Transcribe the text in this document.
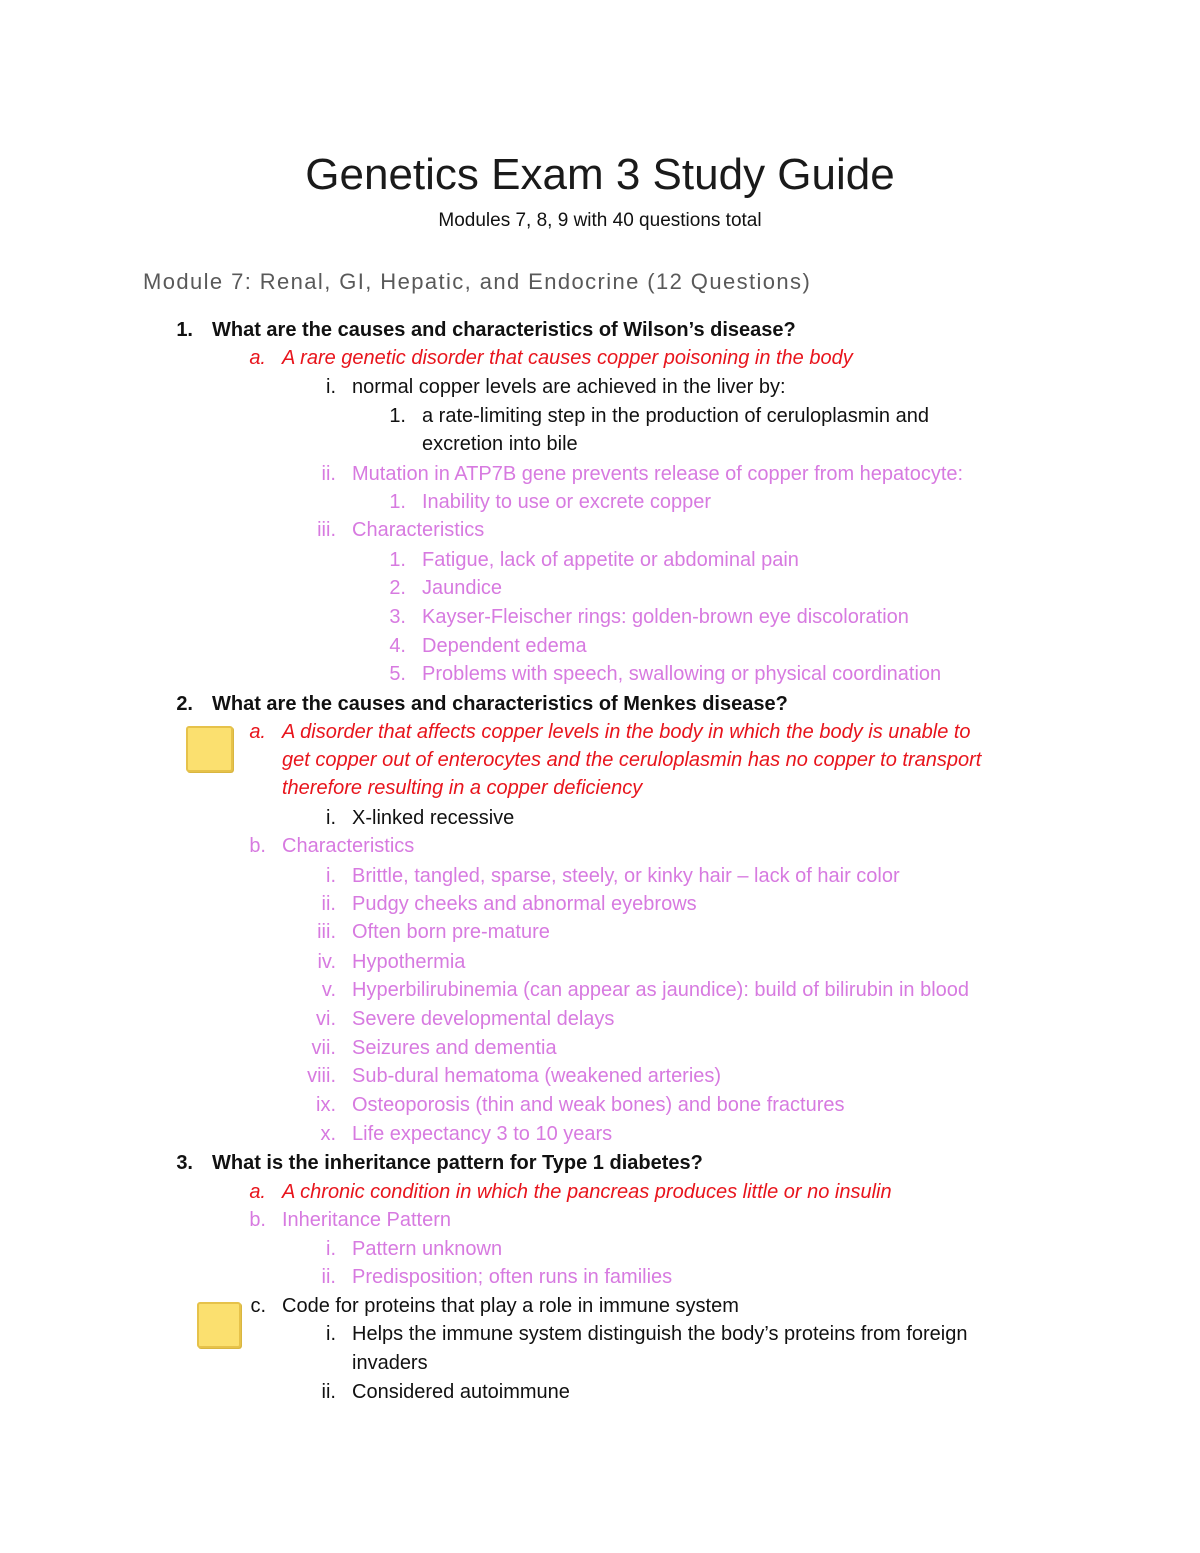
Genetics Exam 3 Study Guide
Modules 7, 8, 9 with 40 questions total
Module 7: Renal, GI, Hepatic, and Endocrine (12 Questions)
1. What are the causes and characteristics of Wilson’s disease?
a. A rare genetic disorder that causes copper poisoning in the body
i. normal copper levels are achieved in the liver by:
1. a rate-limiting step in the production of ceruloplasmin and
excretion into bile
ii. Mutation in ATP7B gene prevents release of copper from hepatocyte:
1. Inability to use or excrete copper
iii. Characteristics
1. Fatigue, lack of appetite or abdominal pain
2. Jaundice
3. Kayser-Fleischer rings: golden-brown eye discoloration
4. Dependent edema
5. Problems with speech, swallowing or physical coordination
2. What are the causes and characteristics of Menkes disease?
a. A disorder that affects copper levels in the body in which the body is unable to
get copper out of enterocytes and the ceruloplasmin has no copper to transport
therefore resulting in a copper deficiency
i. X-linked recessive
b. Characteristics
i. Brittle, tangled, sparse, steely, or kinky hair – lack of hair color
ii. Pudgy cheeks and abnormal eyebrows
iii. Often born pre-mature
iv. Hypothermia
v. Hyperbilirubinemia (can appear as jaundice): build of bilirubin in blood
vi. Severe developmental delays
vii. Seizures and dementia
viii. Sub-dural hematoma (weakened arteries)
ix. Osteoporosis (thin and weak bones) and bone fractures
x. Life expectancy 3 to 10 years
3. What is the inheritance pattern for Type 1 diabetes?
a. A chronic condition in which the pancreas produces little or no insulin
b. Inheritance Pattern
i. Pattern unknown
ii. Predisposition; often runs in families
c. Code for proteins that play a role in immune system
i. Helps the immune system distinguish the body’s proteins from foreign
invaders
ii. Considered autoimmune
